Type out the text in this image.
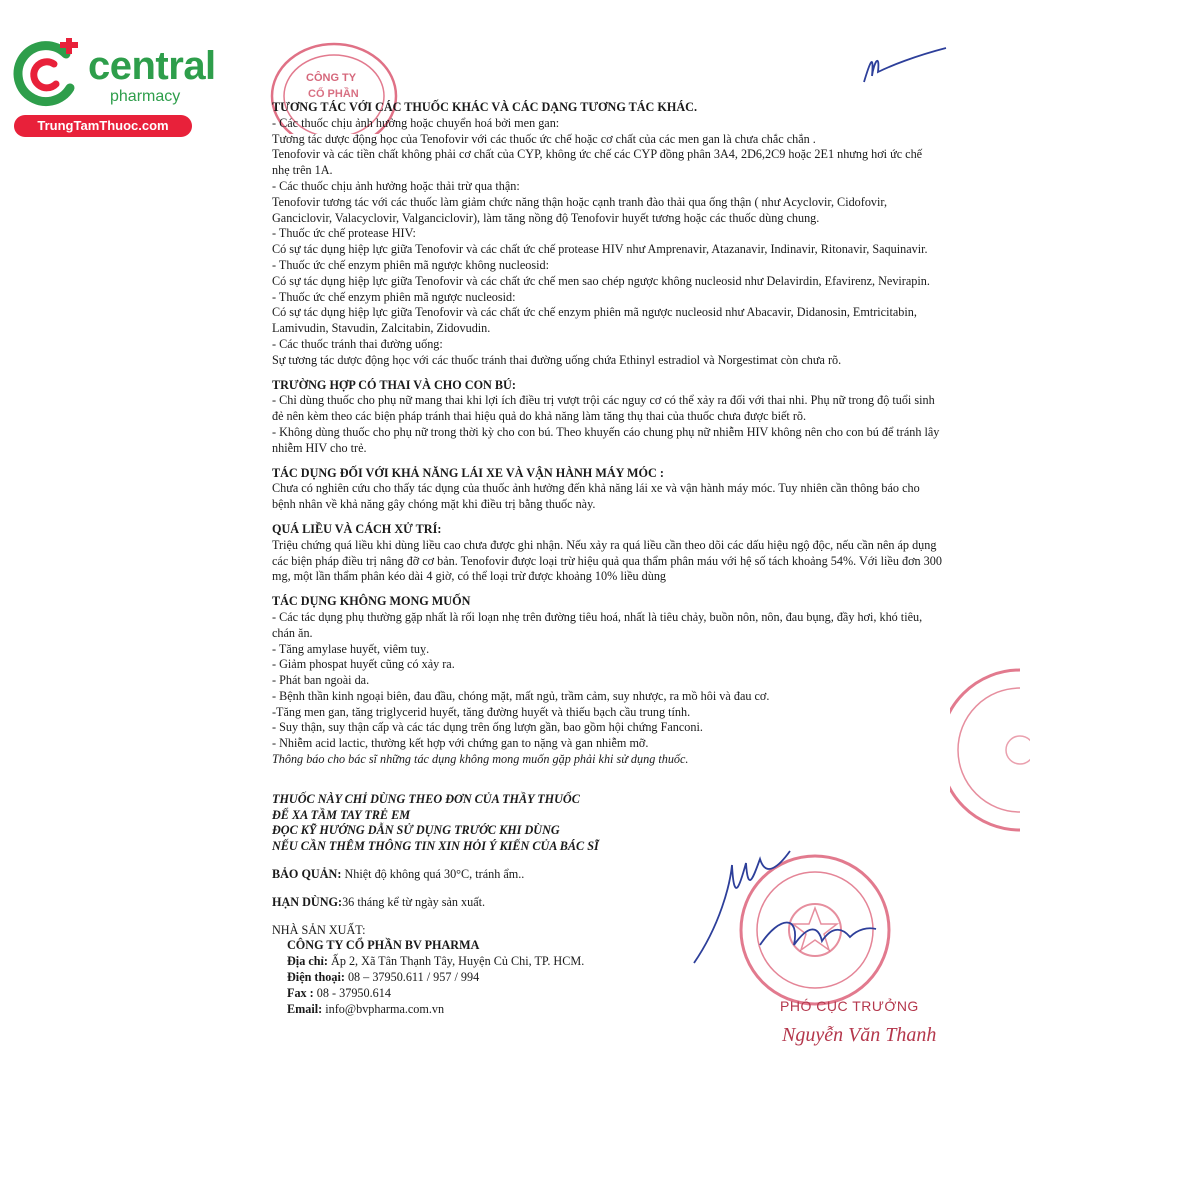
central
pharmacy
TrungTamThuoc.com
CÔNG TY
CỔ PHẦN

TƯƠNG TÁC VỚI CÁC THUỐC KHÁC VÀ CÁC DẠNG TƯƠNG TÁC KHÁC.

- Các thuốc chịu ảnh hưởng hoặc chuyển hoá bởi men gan:

Tương tác dược động học của Tenofovir với các thuốc ức chế hoặc cơ chất của các men gan là chưa chắc chắn .

Tenofovir và các tiền chất không phải cơ chất của CYP, không ức chế các CYP đồng phân 3A4, 2D6,2C9 hoặc 2E1 nhưng hơi ức chế nhẹ trên 1A.

- Các thuốc chịu ảnh hưởng hoặc thải trừ qua thận:

Tenofovir tương tác với các thuốc làm giảm chức năng thận hoặc cạnh tranh đào thải qua ống thận ( như Acyclovir, Cidofovir, Ganciclovir, Valacyclovir, Valganciclovir), làm tăng nồng độ Tenofovir huyết tương hoặc các thuốc dùng chung.

- Thuốc ức chế protease HIV:

Có sự tác dụng hiệp lực giữa Tenofovir và các chất ức chế protease HIV như Amprenavir, Atazanavir, Indinavir, Ritonavir, Saquinavir.

- Thuốc ức chế enzym phiên mã ngược không nucleosid:

Có sự tác dụng hiệp lực giữa Tenofovir và các chất ức chế men sao chép ngược không nucleosid như Delavirdin, Efavirenz, Nevirapin.

- Thuốc ức chế enzym phiên mã ngược nucleosid:

Có sự tác dụng hiệp lực giữa Tenofovir và các chất ức chế enzym phiên mã ngược nucleosid như Abacavir, Didanosin, Emtricitabin, Lamivudin, Stavudin, Zalcitabin, Zidovudin.

- Các thuốc tránh thai đường uống:

Sự tương tác dược động học với các thuốc tránh thai đường uống chứa Ethinyl estradiol và Norgestimat còn chưa rõ.

TRƯỜNG HỢP CÓ THAI VÀ CHO CON BÚ:

- Chỉ dùng thuốc cho phụ nữ mang thai khi lợi ích điều trị vượt trội các nguy cơ có thể xảy ra đối với thai nhi. Phụ nữ trong độ tuổi sinh đẻ nên kèm theo các biện pháp tránh thai hiệu quả do khả năng làm tăng thụ thai của thuốc chưa được biết rõ.

- Không dùng thuốc cho phụ nữ trong thời kỳ cho con bú. Theo khuyến cáo chung phụ nữ nhiễm HIV không nên cho con bú để tránh lây nhiễm HIV cho trẻ.

TÁC DỤNG ĐỐI VỚI KHẢ NĂNG LÁI XE VÀ VẬN HÀNH MÁY MÓC :

Chưa có nghiên cứu cho thấy tác dụng của thuốc ảnh hưởng đến khả năng lái xe và vận hành máy móc. Tuy nhiên cần thông báo cho bệnh nhân về khả năng gây chóng mặt khi điều trị bằng thuốc này.

QUÁ LIỀU VÀ CÁCH XỬ TRÍ:

Triệu chứng quá liều khi dùng liều cao chưa được ghi nhận. Nếu xảy ra quá liều cần theo dõi các dấu hiệu ngộ độc, nếu cần nên áp dụng các biện pháp điều trị nâng đỡ cơ bản. Tenofovir được loại trừ hiệu quả qua thẩm phân máu với hệ số tách khoảng 54%. Với liều đơn 300 mg, một lần thẩm phân kéo dài 4 giờ, có thể loại trừ được khoảng 10% liều dùng

TÁC DỤNG KHÔNG MONG MUỐN

- Các tác dụng phụ thường gặp nhất là rối loạn nhẹ trên đường tiêu hoá, nhất là tiêu chảy, buồn nôn, nôn, đau bụng, đầy hơi, khó tiêu, chán ăn.

- Tăng amylase huyết, viêm tuỵ.

- Giảm phospat huyết cũng có xảy ra.

- Phát ban ngoài da.

- Bệnh thần kinh ngoại biên, đau đầu, chóng mặt, mất ngủ, trầm cảm, suy nhược, ra mồ hôi và đau cơ.

-Tăng men gan, tăng triglycerid huyết, tăng đường huyết và thiếu bạch cầu trung tính.

- Suy thận, suy thận cấp và các tác dụng trên ống lượn gần, bao gồm hội chứng Fanconi.

- Nhiễm acid lactic, thường kết hợp với chứng gan to nặng và gan nhiễm mỡ.

Thông báo cho bác sĩ những tác dụng không mong muốn gặp phải khi sử dụng thuốc.

THUỐC NÀY CHỈ DÙNG THEO ĐƠN CỦA THẦY THUỐC

ĐỂ XA TẦM TAY TRẺ EM

ĐỌC KỸ HƯỚNG DẪN SỬ DỤNG TRƯỚC KHI DÙNG

NẾU CẦN THÊM THÔNG TIN XIN HỎI Ý KIẾN CỦA BÁC SĨ

BẢO QUẢN: Nhiệt độ không quá 30°C, tránh ẩm..

HẠN DÙNG:36 tháng kể từ ngày sản xuất.

NHÀ SẢN XUẤT:

CÔNG TY CỔ PHẦN BV PHARMA

Địa chỉ: Ấp 2, Xã Tân Thạnh Tây, Huyện Củ Chi, TP. HCM.

Điện thoại: 08 – 37950.611 / 957 / 994

Fax : 08 - 37950.614

Email: info@bvpharma.com.vn	PHÓ CỤC TRƯỞNG
Nguyễn Văn Thanh
